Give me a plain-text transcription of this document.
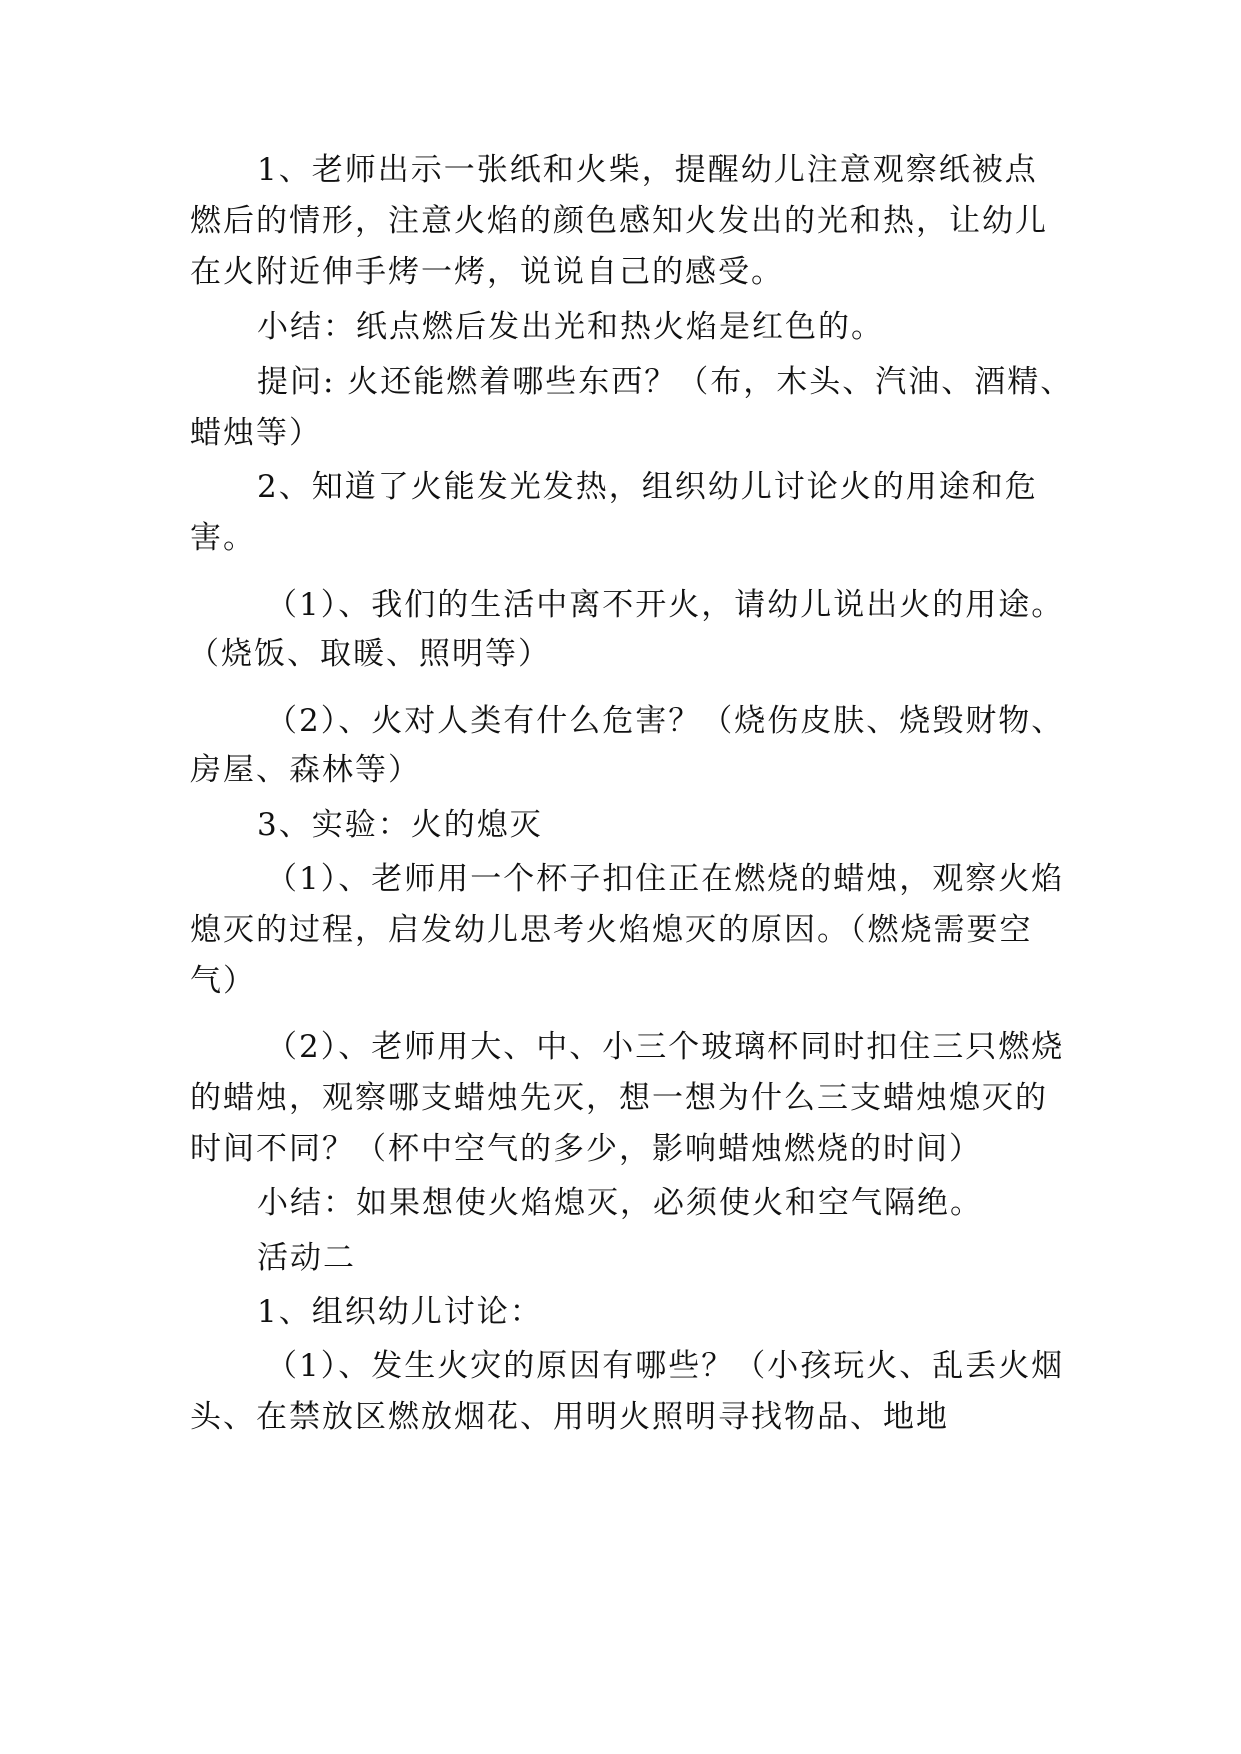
1、老师出示一张纸和火柴，提醒幼儿注意观察纸被点
燃后的情形，注意火焰的颜色感知火发出的光和热，让幼儿
在火附近伸手烤一烤，说说自己的感受。
小结：纸点燃后发出光和热火焰是红色的。
提问: 火还能燃着哪些东西？（布，木头、汽油、酒精、
蜡烛等）
2、知道了火能发光发热，组织幼儿讨论火的用途和危
害。
（1）、我们的生活中离不开火，请幼儿说出火的用途。
（烧饭、取暖、照明等）
（2）、火对人类有什么危害？（烧伤皮肤、烧毁财物、
房屋、森林等）
3、实验：火的熄灭
（1）、老师用一个杯子扣住正在燃烧的蜡烛，观察火焰
熄灭的过程，启发幼儿思考火焰熄灭的原因。（燃烧需要空
气）
（2）、老师用大、中、小三个玻璃杯同时扣住三只燃烧
的蜡烛，观察哪支蜡烛先灭，想一想为什么三支蜡烛熄灭的
时间不同？（杯中空气的多少，影响蜡烛燃烧的时间）
小结：如果想使火焰熄灭，必须使火和空气隔绝。
活动二
1、组织幼儿讨论：
（1）、发生火灾的原因有哪些？（小孩玩火、乱丢火烟
头、在禁放区燃放烟花、用明火照明寻找物品、地地
